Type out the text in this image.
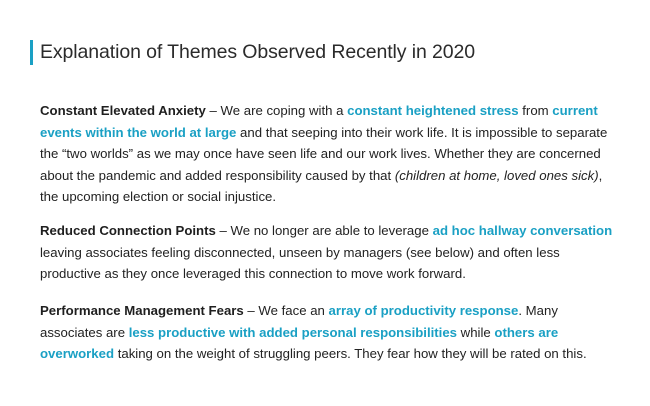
Explanation of Themes Observed Recently in 2020

Constant Elevated Anxiety – We are coping with a constant heightened stress from current events within the world at large and that seeping into their work life. It is impossible to separate the “two worlds” as we may once have seen life and our work lives. Whether they are concerned about the pandemic and added responsibility caused by that (children at home, loved ones sick), the upcoming election or social injustice.

Reduced Connection Points – We no longer are able to leverage ad hoc hallway conversation leaving associates feeling disconnected, unseen by managers (see below) and often less productive as they once leveraged this connection to move work forward.

Performance Management Fears – We face an array of productivity response. Many associates are less productive with added personal responsibilities while others are overworked taking on the weight of struggling peers. They fear how they will be rated on this.
